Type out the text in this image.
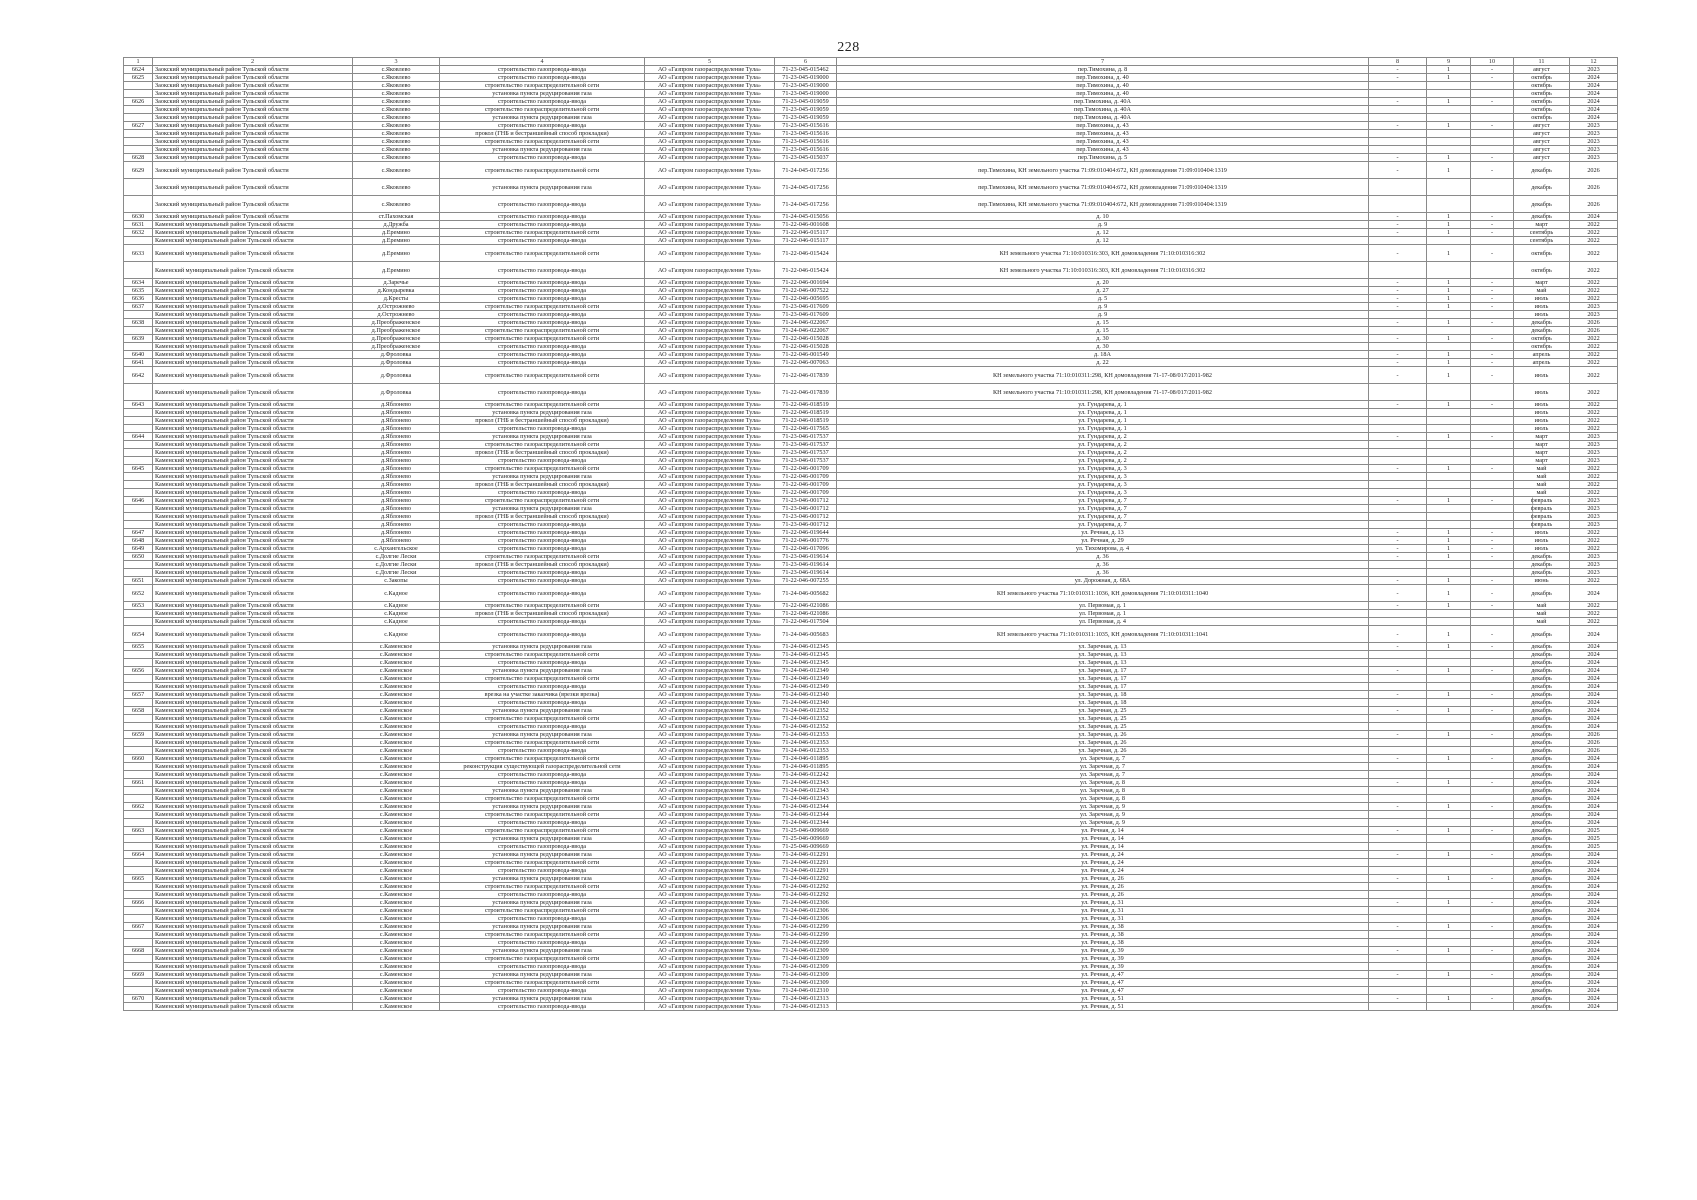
228
1	2	3	4	5	6	7	8	9	10	11	12
6624	Заокский муниципальный район Тульской области	с.Яковлево	строительство газопровода-ввода	АО «Газпром газораспределение Тула»	71-23-045-015462	пер.Тимохина, д. 8	-	1	-	август	2023
6625	Заокский муниципальный район Тульской области	с.Яковлево	строительство газопровода-ввода	АО «Газпром газораспределение Тула»	71-23-045-019000	пер.Тимохина, д. 40	-	1	-	октябрь	2024
	Заокский муниципальный район Тульской области	с.Яковлево	строительство газораспределительной сети	АО «Газпром газораспределение Тула»	71-23-045-019000	пер.Тимохина, д. 40				октябрь	2024
	Заокский муниципальный район Тульской области	с.Яковлево	установка пункта редуцирования газа	АО «Газпром газораспределение Тула»	71-23-045-019000	пер.Тимохина, д. 40				октябрь	2024
6626	Заокский муниципальный район Тульской области	с.Яковлево	строительство газопровода-ввода	АО «Газпром газораспределение Тула»	71-23-045-019059	пер.Тимохина, д. 40А	-	1	-	октябрь	2024
	Заокский муниципальный район Тульской области	с.Яковлево	строительство газораспределительной сети	АО «Газпром газораспределение Тула»	71-23-045-019059	пер.Тимохина, д. 40А				октябрь	2024
	Заокский муниципальный район Тульской области	с.Яковлево	установка пункта редуцирования газа	АО «Газпром газораспределение Тула»	71-23-045-019059	пер.Тимохина, д. 40А				октябрь	2024
6627	Заокский муниципальный район Тульской области	с.Яковлево	строительство газопровода-ввода	АО «Газпром газораспределение Тула»	71-23-045-015616	пер.Тимохина, д. 43	-	1	-	август	2023
	Заокский муниципальный район Тульской области	с.Яковлево	прокол (ГНБ и бестраншейный способ прокладки)	АО «Газпром газораспределение Тула»	71-23-045-015616	пер.Тимохина, д. 43				август	2023
	Заокский муниципальный район Тульской области	с.Яковлево	строительство газораспределительной сети	АО «Газпром газораспределение Тула»	71-23-045-015616	пер.Тимохина, д. 43				август	2023
	Заокский муниципальный район Тульской области	с.Яковлево	установка пункта редуцирования газа	АО «Газпром газораспределение Тула»	71-23-045-015616	пер.Тимохина, д. 43				август	2023
6628	Заокский муниципальный район Тульской области	с.Яковлево	строительство газопровода-ввода	АО «Газпром газораспределение Тула»	71-23-045-015037	пер.Тимохина, д. 5	-	1	-	август	2023
6629	Заокский муниципальный район Тульской области	с.Яковлево	строительство газораспределительной сети	АО «Газпром газораспределение Тула»	71-24-045-017256	пер.Тимохина, КН земельного участка 71:09:010404:672, КН домовладения 71:09:010404:1319	-	1	-	декабрь	2026
	Заокский муниципальный район Тульской области	с.Яковлево	установка пункта редуцирования газа	АО «Газпром газораспределение Тула»	71-24-045-017256	пер.Тимохина, КН земельного участка 71:09:010404:672, КН домовладения 71:09:010404:1319				декабрь	2026
	Заокский муниципальный район Тульской области	с.Яковлево	строительство газопровода-ввода	АО «Газпром газораспределение Тула»	71-24-045-017256	пер.Тимохина, КН земельного участка 71:09:010404:672, КН домовладения 71:09:010404:1319				декабрь	2026
6630	Заокский муниципальный район Тульской области	ст.Пахомская	строительство газопровода-ввода	АО «Газпром газораспределение Тула»	71-24-045-015056	д. 10	-	1	-	декабрь	2024
6631	Каменский муниципальный район Тульской области	д.Дружба	строительство газопровода-ввода	АО «Газпром газораспределение Тула»	71-22-046-001608	д. 9	-	1	-	март	2022
6632	Каменский муниципальный район Тульской области	д.Еремино	строительство газораспределительной сети	АО «Газпром газораспределение Тула»	71-22-046-015117	д. 12	-	1	-	сентябрь	2022
	Каменский муниципальный район Тульской области	д.Еремино	строительство газопровода-ввода	АО «Газпром газораспределение Тула»	71-22-046-015117	д. 12				сентябрь	2022
6633	Каменский муниципальный район Тульской области	д.Еремино	строительство газораспределительной сети	АО «Газпром газораспределение Тула»	71-22-046-015424	КН земельного участка 71:10:010316:303, КН домовладения 71:10:010316:302	-	1	-	октябрь	2022
	Каменский муниципальный район Тульской области	д.Еремино	строительство газопровода-ввода	АО «Газпром газораспределение Тула»	71-22-046-015424	КН земельного участка 71:10:010316:303, КН домовладения 71:10:010316:302				октябрь	2022
6634	Каменский муниципальный район Тульской области	д.Заречье	строительство газопровода-ввода	АО «Газпром газораспределение Тула»	71-22-046-001694	д. 20	-	1	-	март	2022
6635	Каменский муниципальный район Тульской области	д.Кондыревка	строительство газопровода-ввода	АО «Газпром газораспределение Тула»	71-22-046-007522	д. 27	-	1	-	май	2022
6636	Каменский муниципальный район Тульской области	д.Кресты	строительство газопровода-ввода	АО «Газпром газораспределение Тула»	71-22-046-005695	д. 5	-	1	-	июль	2022
6637	Каменский муниципальный район Тульской области	д.Острожнево	строительство газораспределительной сети	АО «Газпром газораспределение Тула»	71-23-046-017609	д. 9	-	1	-	июль	2023
	Каменский муниципальный район Тульской области	д.Острожнево	строительство газопровода-ввода	АО «Газпром газораспределение Тула»	71-23-046-017609	д. 9				июль	2023
6638	Каменский муниципальный район Тульской области	д.Преображенское	строительство газопровода-ввода	АО «Газпром газораспределение Тула»	71-24-046-022067	д. 15	-	1	-	декабрь	2026
	Каменский муниципальный район Тульской области	д.Преображенское	строительство газораспределительной сети	АО «Газпром газораспределение Тула»	71-24-046-022067	д. 15				декабрь	2026
6639	Каменский муниципальный район Тульской области	д.Преображенское	строительство газораспределительной сети	АО «Газпром газораспределение Тула»	71-22-046-015028	д. 30	-	1	-	октябрь	2022
	Каменский муниципальный район Тульской области	д.Преображенское	строительство газопровода-ввода	АО «Газпром газораспределение Тула»	71-22-046-015028	д. 30				октябрь	2022
6640	Каменский муниципальный район Тульской области	д.Фроловка	строительство газопровода-ввода	АО «Газпром газораспределение Тула»	71-22-046-001549	д. 18А	-	1	-	апрель	2022
6641	Каменский муниципальный район Тульской области	д.Фроловка	строительство газопровода-ввода	АО «Газпром газораспределение Тула»	71-22-046-007063	д. 22	-	1	-	апрель	2022
6642	Каменский муниципальный район Тульской области	д.Фроловка	строительство газораспределительной сети	АО «Газпром газораспределение Тула»	71-22-046-017839	КН земельного участка 71:10:010311:298, КН домовладения 71-17-08/017/2011-982	-	1	-	июль	2022
	Каменский муниципальный район Тульской области	д.Фроловка	строительство газопровода-ввода	АО «Газпром газораспределение Тула»	71-22-046-017839	КН земельного участка 71:10:010311:298, КН домовладения 71-17-08/017/2011-982				июль	2022
6643	Каменский муниципальный район Тульской области	д.Яблонево	строительство газораспределительной сети	АО «Газпром газораспределение Тула»	71-22-046-018519	ул. Гундарева, д. 1	-	1	-	июль	2022
	Каменский муниципальный район Тульской области	д.Яблонево	установка пункта редуцирования газа	АО «Газпром газораспределение Тула»	71-22-046-018519	ул. Гундарева, д. 1				июль	2022
	Каменский муниципальный район Тульской области	д.Яблонево	прокол (ГНБ и бестраншейный способ прокладки)	АО «Газпром газораспределение Тула»	71-22-046-018519	ул. Гундарева, д. 1				июль	2022
	Каменский муниципальный район Тульской области	д.Яблонево	строительство газопровода-ввода	АО «Газпром газораспределение Тула»	71-22-046-017565	ул. Гундарева, д. 1				июль	2022
6644	Каменский муниципальный район Тульской области	д.Яблонево	установка пункта редуцирования газа	АО «Газпром газораспределение Тула»	71-23-046-017537	ул. Гундарева, д. 2	-	1	-	март	2023
	Каменский муниципальный район Тульской области	д.Яблонево	строительство газораспределительной сети	АО «Газпром газораспределение Тула»	71-23-046-017537	ул. Гундарева, д. 2				март	2023
	Каменский муниципальный район Тульской области	д.Яблонево	прокол (ГНБ и бестраншейный способ прокладки)	АО «Газпром газораспределение Тула»	71-23-046-017537	ул. Гундарева, д. 2				март	2023
	Каменский муниципальный район Тульской области	д.Яблонево	строительство газопровода-ввода	АО «Газпром газораспределение Тула»	71-23-046-017537	ул. Гундарева, д. 2				март	2023
6645	Каменский муниципальный район Тульской области	д.Яблонево	строительство газораспределительной сети	АО «Газпром газораспределение Тула»	71-22-046-001709	ул. Гундарева, д. 3	-	1	-	май	2022
	Каменский муниципальный район Тульской области	д.Яблонево	установка пункта редуцирования газа	АО «Газпром газораспределение Тула»	71-22-046-001709	ул. Гундарева, д. 3				май	2022
	Каменский муниципальный район Тульской области	д.Яблонево	прокол (ГНБ и бестраншейный способ прокладки)	АО «Газпром газораспределение Тула»	71-22-046-001709	ул. Гундарева, д. 3				май	2022
	Каменский муниципальный район Тульской области	д.Яблонево	строительство газопровода-ввода	АО «Газпром газораспределение Тула»	71-22-046-001709	ул. Гундарева, д. 3				май	2022
6646	Каменский муниципальный район Тульской области	д.Яблонево	строительство газораспределительной сети	АО «Газпром газораспределение Тула»	71-23-046-001712	ул. Гундарева, д. 7	-	1	-	февраль	2023
	Каменский муниципальный район Тульской области	д.Яблонево	установка пункта редуцирования газа	АО «Газпром газораспределение Тула»	71-23-046-001712	ул. Гундарева, д. 7				февраль	2023
	Каменский муниципальный район Тульской области	д.Яблонево	прокол (ГНБ и бестраншейный способ прокладки)	АО «Газпром газораспределение Тула»	71-23-046-001712	ул. Гундарева, д. 7				февраль	2023
	Каменский муниципальный район Тульской области	д.Яблонево	строительство газопровода-ввода	АО «Газпром газораспределение Тула»	71-23-046-001712	ул. Гундарева, д. 7				февраль	2023
6647	Каменский муниципальный район Тульской области	д.Яблонево	строительство газопровода-ввода	АО «Газпром газораспределение Тула»	71-22-046-019644	ул. Речная, д. 13	-	1	-	июль	2022
6648	Каменский муниципальный район Тульской области	д.Яблонево	строительство газопровода-ввода	АО «Газпром газораспределение Тула»	71-22-046-001776	ул. Речная, д. 29	-	1	-	июль	2022
6649	Каменский муниципальный район Тульской области	с.Архангельское	строительство газопровода-ввода	АО «Газпром газораспределение Тула»	71-22-046-017096	ул. Тихомирова, д. 4	-	1	-	июль	2022
6650	Каменский муниципальный район Тульской области	с.Долгие Лески	строительство газораспределительной сети	АО «Газпром газораспределение Тула»	71-23-046-019614	д. 36	-	1	-	декабрь	2023
	Каменский муниципальный район Тульской области	с.Долгие Лески	прокол (ГНБ и бестраншейный способ прокладки)	АО «Газпром газораспределение Тула»	71-23-046-019614	д. 36				декабрь	2023
	Каменский муниципальный район Тульской области	с.Долгие Лески	строительство газопровода-ввода	АО «Газпром газораспределение Тула»	71-23-046-019614	д. 36				декабрь	2023
6651	Каменский муниципальный район Тульской области	с.Закопы	строительство газопровода-ввода	АО «Газпром газораспределение Тула»	71-22-046-007255	ул. Дорожная, д. 68А	-	1	-	июнь	2022
6652	Каменский муниципальный район Тульской области	с.Кадное	строительство газопровода-ввода	АО «Газпром газораспределение Тула»	71-24-046-005682	КН земельного участка 71:10:010311:1036, КН домовладения 71:10:010311:1040	-	1	-	декабрь	2024
6653	Каменский муниципальный район Тульской области	с.Кадное	строительство газораспределительной сети	АО «Газпром газораспределение Тула»	71-22-046-021086	ул. Первомая, д. 1	-	1	-	май	2022
	Каменский муниципальный район Тульской области	с.Кадное	прокол (ГНБ и бестраншейный способ прокладки)	АО «Газпром газораспределение Тула»	71-22-046-021086	ул. Первомая, д. 1				май	2022
	Каменский муниципальный район Тульской области	с.Кадное	строительство газопровода-ввода	АО «Газпром газораспределение Тула»	71-22-046-017504	ул. Первомая, д. 4				май	2022
6654	Каменский муниципальный район Тульской области	с.Кадное	строительство газопровода-ввода	АО «Газпром газораспределение Тула»	71-24-046-005683	КН земельного участка 71:10:010311:1035, КН домовладения 71:10:010311:1041	-	1	-	декабрь	2024
6655	Каменский муниципальный район Тульской области	с.Каменское	установка пункта редуцирования газа	АО «Газпром газораспределение Тула»	71-24-046-012345	ул. Заречная, д. 13	-	1	-	декабрь	2024
	Каменский муниципальный район Тульской области	с.Каменское	строительство газораспределительной сети	АО «Газпром газораспределение Тула»	71-24-046-012345	ул. Заречная, д. 13				декабрь	2024
	Каменский муниципальный район Тульской области	с.Каменское	строительство газопровода-ввода	АО «Газпром газораспределение Тула»	71-24-046-012345	ул. Заречная, д. 13				декабрь	2024
6656	Каменский муниципальный район Тульской области	с.Каменское	установка пункта редуцирования газа	АО «Газпром газораспределение Тула»	71-24-046-012349	ул. Заречная, д. 17	-	1	-	декабрь	2024
	Каменский муниципальный район Тульской области	с.Каменское	строительство газораспределительной сети	АО «Газпром газораспределение Тула»	71-24-046-012349	ул. Заречная, д. 17				декабрь	2024
	Каменский муниципальный район Тульской области	с.Каменское	строительство газопровода-ввода	АО «Газпром газораспределение Тула»	71-24-046-012349	ул. Заречная, д. 17				декабрь	2024
6657	Каменский муниципальный район Тульской области	с.Каменское	врезка на участке заказчика (врезки врезка)	АО «Газпром газораспределение Тула»	71-24-046-012340	ул. Заречная, д. 18	-	1	-	декабрь	2024
	Каменский муниципальный район Тульской области	с.Каменское	строительство газопровода-ввода	АО «Газпром газораспределение Тула»	71-24-046-012340	ул. Заречная, д. 18				декабрь	2024
6658	Каменский муниципальный район Тульской области	с.Каменское	установка пункта редуцирования газа	АО «Газпром газораспределение Тула»	71-24-046-012352	ул. Заречная, д. 25	-	1	-	декабрь	2024
	Каменский муниципальный район Тульской области	с.Каменское	строительство газораспределительной сети	АО «Газпром газораспределение Тула»	71-24-046-012352	ул. Заречная, д. 25				декабрь	2024
	Каменский муниципальный район Тульской области	с.Каменское	строительство газопровода-ввода	АО «Газпром газораспределение Тула»	71-24-046-012352	ул. Заречная, д. 25				декабрь	2024
6659	Каменский муниципальный район Тульской области	с.Каменское	установка пункта редуцирования газа	АО «Газпром газораспределение Тула»	71-24-046-012353	ул. Заречная, д. 26	-	1	-	декабрь	2026
	Каменский муниципальный район Тульской области	с.Каменское	строительство газораспределительной сети	АО «Газпром газораспределение Тула»	71-24-046-012353	ул. Заречная, д. 26				декабрь	2026
	Каменский муниципальный район Тульской области	с.Каменское	строительство газопровода-ввода	АО «Газпром газораспределение Тула»	71-24-046-012353	ул. Заречная, д. 26				декабрь	2026
6660	Каменский муниципальный район Тульской области	с.Каменское	строительство газораспределительной сети	АО «Газпром газораспределение Тула»	71-24-046-011895	ул. Заречная, д. 7	-	1	-	декабрь	2024
	Каменский муниципальный район Тульской области	с.Каменское	реконструкция существующей газораспределительной сети	АО «Газпром газораспределение Тула»	71-24-046-011895	ул. Заречная, д. 7				декабрь	2024
	Каменский муниципальный район Тульской области	с.Каменское	строительство газопровода-ввода	АО «Газпром газораспределение Тула»	71-24-046-012242	ул. Заречная, д. 7				декабрь	2024
6661	Каменский муниципальный район Тульской области	с.Каменское	строительство газопровода-ввода	АО «Газпром газораспределение Тула»	71-24-046-012343	ул. Заречная, д. 8	-	1	-	декабрь	2024
	Каменский муниципальный район Тульской области	с.Каменское	установка пункта редуцирования газа	АО «Газпром газораспределение Тула»	71-24-046-012343	ул. Заречная, д. 8				декабрь	2024
	Каменский муниципальный район Тульской области	с.Каменское	строительство газораспределительной сети	АО «Газпром газораспределение Тула»	71-24-046-012343	ул. Заречная, д. 8				декабрь	2024
6662	Каменский муниципальный район Тульской области	с.Каменское	установка пункта редуцирования газа	АО «Газпром газораспределение Тула»	71-24-046-012344	ул. Заречная, д. 9	-	1	-	декабрь	2024
	Каменский муниципальный район Тульской области	с.Каменское	строительство газораспределительной сети	АО «Газпром газораспределение Тула»	71-24-046-012344	ул. Заречная, д. 9				декабрь	2024
	Каменский муниципальный район Тульской области	с.Каменское	строительство газопровода-ввода	АО «Газпром газораспределение Тула»	71-24-046-012344	ул. Заречная, д. 9				декабрь	2024
6663	Каменский муниципальный район Тульской области	с.Каменское	строительство газораспределительной сети	АО «Газпром газораспределение Тула»	71-25-046-009669	ул. Речная, д. 14	-	1	-	декабрь	2025
	Каменский муниципальный район Тульской области	с.Каменское	установка пункта редуцирования газа	АО «Газпром газораспределение Тула»	71-25-046-009669	ул. Речная, д. 14				декабрь	2025
	Каменский муниципальный район Тульской области	с.Каменское	строительство газопровода-ввода	АО «Газпром газораспределение Тула»	71-25-046-009669	ул. Речная, д. 14				декабрь	2025
6664	Каменский муниципальный район Тульской области	с.Каменское	установка пункта редуцирования газа	АО «Газпром газораспределение Тула»	71-24-046-012291	ул. Речная, д. 24	-	1	-	декабрь	2024
	Каменский муниципальный район Тульской области	с.Каменское	строительство газораспределительной сети	АО «Газпром газораспределение Тула»	71-24-046-012291	ул. Речная, д. 24				декабрь	2024
	Каменский муниципальный район Тульской области	с.Каменское	строительство газопровода-ввода	АО «Газпром газораспределение Тула»	71-24-046-012291	ул. Речная, д. 24				декабрь	2024
6665	Каменский муниципальный район Тульской области	с.Каменское	установка пункта редуцирования газа	АО «Газпром газораспределение Тула»	71-24-046-012292	ул. Речная, д. 26	-	1	-	декабрь	2024
	Каменский муниципальный район Тульской области	с.Каменское	строительство газораспределительной сети	АО «Газпром газораспределение Тула»	71-24-046-012292	ул. Речная, д. 26				декабрь	2024
	Каменский муниципальный район Тульской области	с.Каменское	строительство газопровода-ввода	АО «Газпром газораспределение Тула»	71-24-046-012292	ул. Речная, д. 26				декабрь	2024
6666	Каменский муниципальный район Тульской области	с.Каменское	установка пункта редуцирования газа	АО «Газпром газораспределение Тула»	71-24-046-012306	ул. Речная, д. 31	-	1	-	декабрь	2024
	Каменский муниципальный район Тульской области	с.Каменское	строительство газораспределительной сети	АО «Газпром газораспределение Тула»	71-24-046-012306	ул. Речная, д. 31				декабрь	2024
	Каменский муниципальный район Тульской области	с.Каменское	строительство газопровода-ввода	АО «Газпром газораспределение Тула»	71-24-046-012306	ул. Речная, д. 31				декабрь	2024
6667	Каменский муниципальный район Тульской области	с.Каменское	установка пункта редуцирования газа	АО «Газпром газораспределение Тула»	71-24-046-012299	ул. Речная, д. 38	-	1	-	декабрь	2024
	Каменский муниципальный район Тульской области	с.Каменское	строительство газораспределительной сети	АО «Газпром газораспределение Тула»	71-24-046-012299	ул. Речная, д. 38				декабрь	2024
	Каменский муниципальный район Тульской области	с.Каменское	строительство газопровода-ввода	АО «Газпром газораспределение Тула»	71-24-046-012299	ул. Речная, д. 38				декабрь	2024
6668	Каменский муниципальный район Тульской области	с.Каменское	установка пункта редуцирования газа	АО «Газпром газораспределение Тула»	71-24-046-012309	ул. Речная, д. 39	-	1	-	декабрь	2024
	Каменский муниципальный район Тульской области	с.Каменское	строительство газораспределительной сети	АО «Газпром газораспределение Тула»	71-24-046-012309	ул. Речная, д. 39				декабрь	2024
	Каменский муниципальный район Тульской области	с.Каменское	строительство газопровода-ввода	АО «Газпром газораспределение Тула»	71-24-046-012309	ул. Речная, д. 39				декабрь	2024
6669	Каменский муниципальный район Тульской области	с.Каменское	установка пункта редуцирования газа	АО «Газпром газораспределение Тула»	71-24-046-012309	ул. Речная, д. 47	-	1	-	декабрь	2024
	Каменский муниципальный район Тульской области	с.Каменское	строительство газораспределительной сети	АО «Газпром газораспределение Тула»	71-24-046-012309	ул. Речная, д. 47				декабрь	2024
	Каменский муниципальный район Тульской области	с.Каменское	строительство газопровода-ввода	АО «Газпром газораспределение Тула»	71-24-046-012310	ул. Речная, д. 47				декабрь	2024
6670	Каменский муниципальный район Тульской области	с.Каменское	установка пункта редуцирования газа	АО «Газпром газораспределение Тула»	71-24-046-012313	ул. Речная, д. 51	-	1	-	декабрь	2024
	Каменский муниципальный район Тульской области	с.Каменское	строительство газопровода-ввода	АО «Газпром газораспределение Тула»	71-24-046-012313	ул. Речная, д. 51				декабрь	2024
